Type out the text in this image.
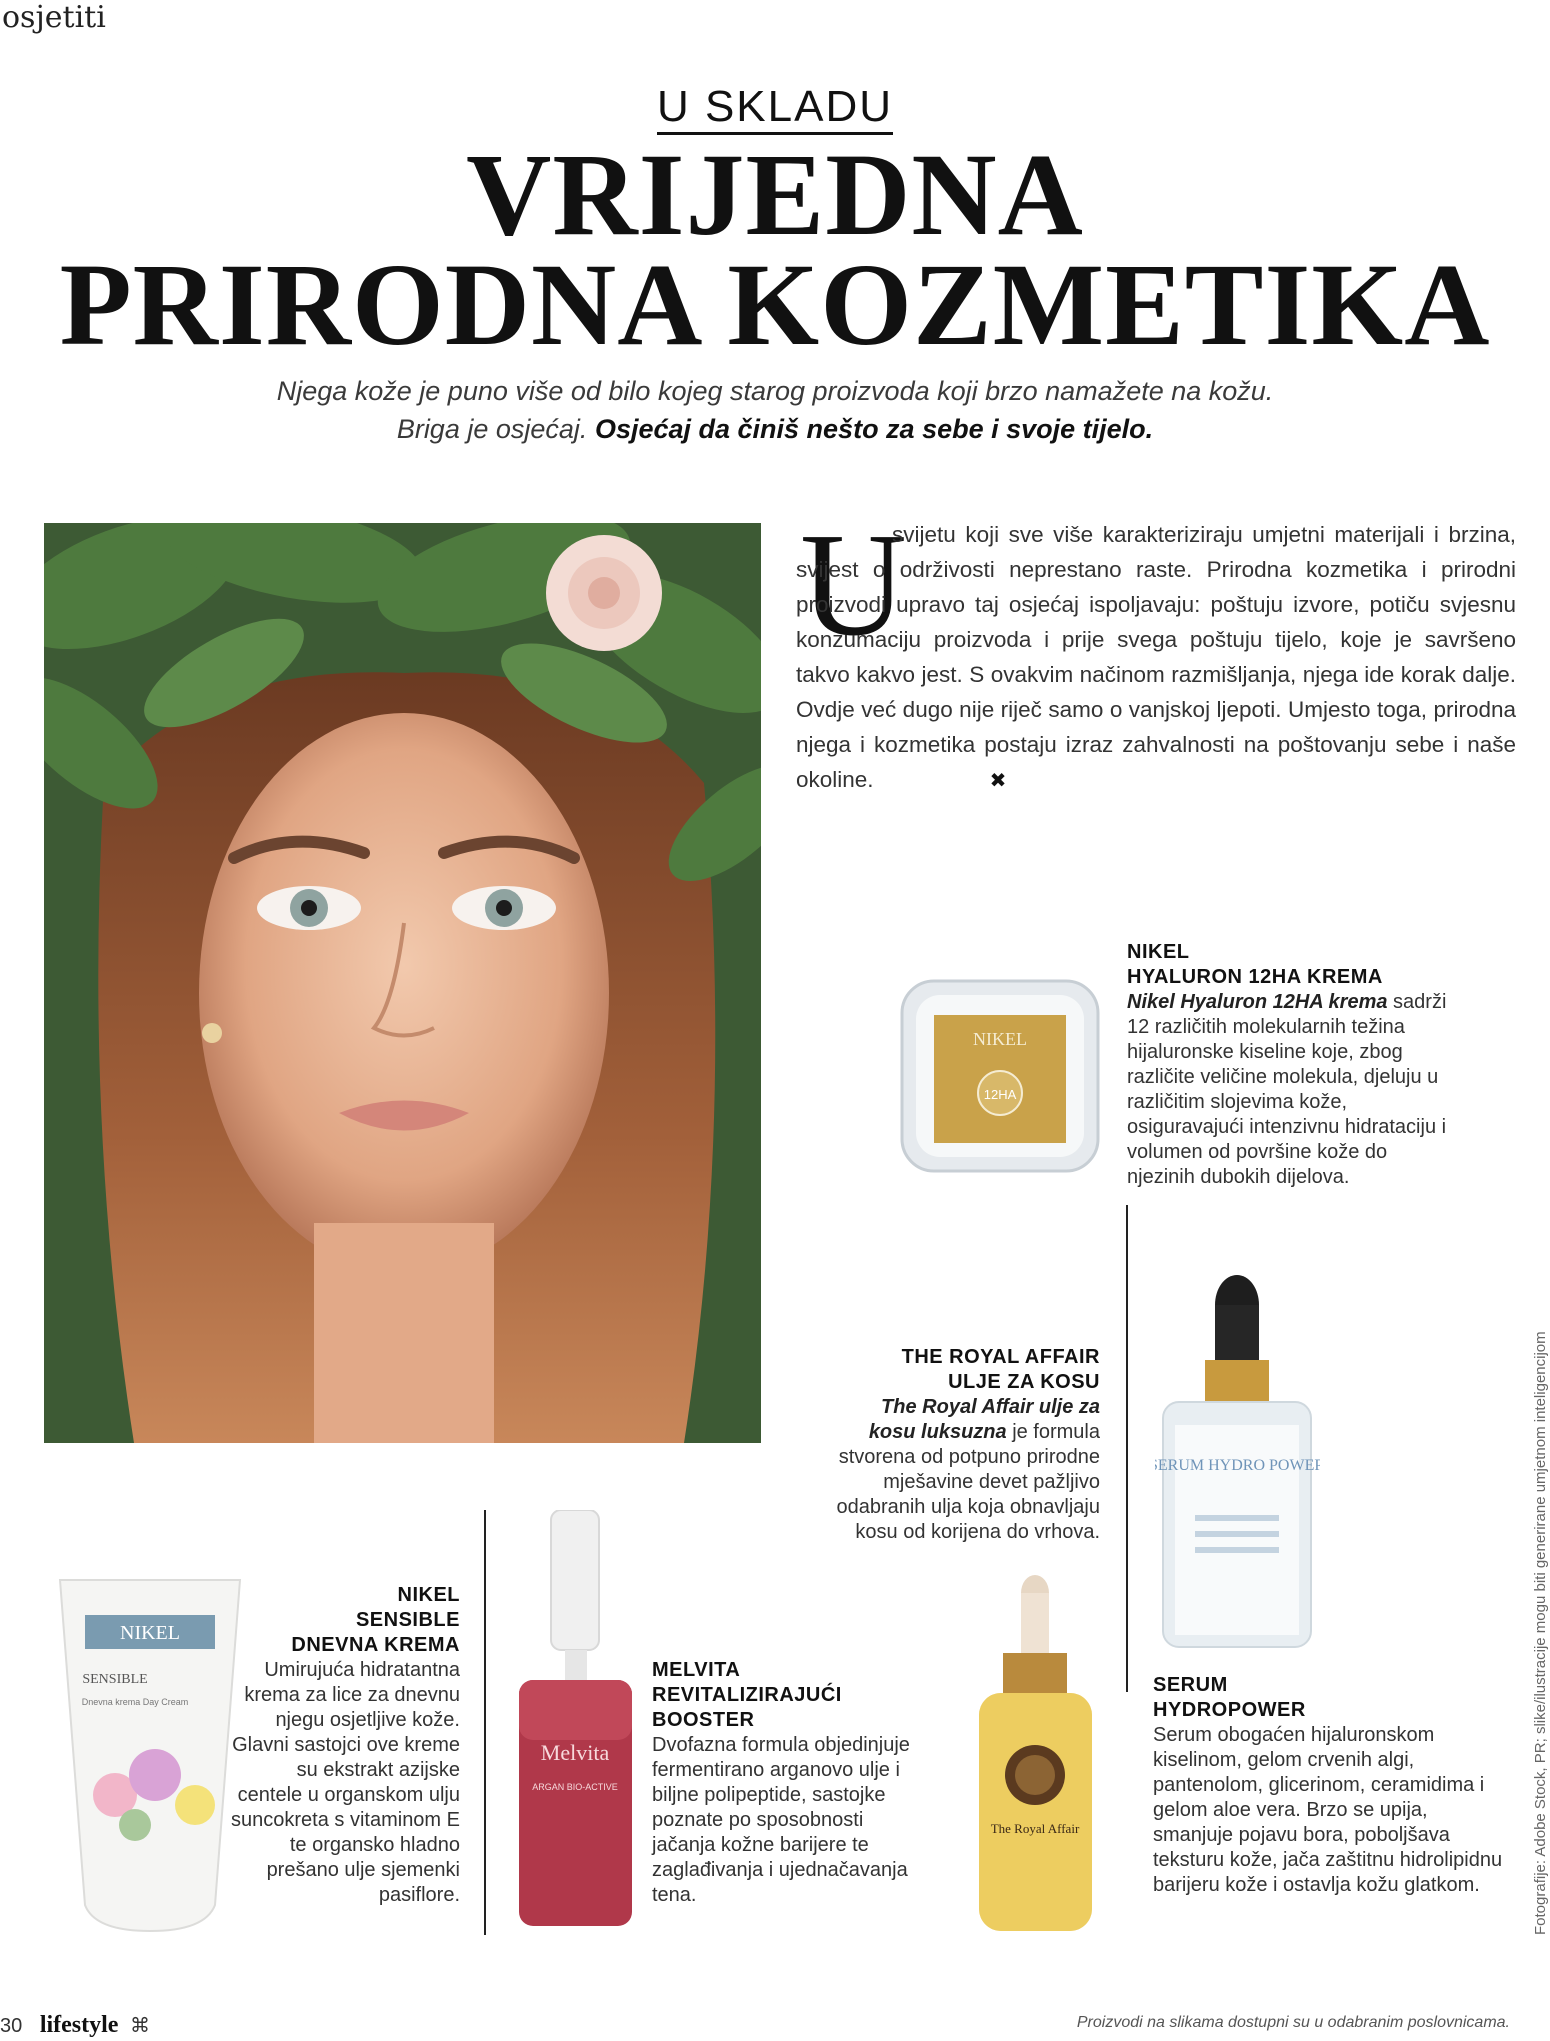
osjetiti
U SKLADU
VRIJEDNA
PRIRODNA KOZMETIKA
Njega kože je puno više od bilo kojeg starog proizvoda koji brzo namažete na kožu.
Briga je osjećaj. Osjećaj da činiš nešto za sebe i svoje tijelo.
U
svijetu koji sve više karakteriziraju umjetni materijali i brzina, svijest o održivosti neprestano raste. Prirodna kozmetika i prirodni proizvodi upravo taj osjećaj ispoljavaju: poštuju izvore, potiču svjesnu konzumaciju proizvoda i prije svega poštuju tijelo, koje je savršeno takvo kakvo jest. S ovakvim načinom razmišljanja, njega ide korak dalje. Ovdje već dugo nije riječ samo o vanjskoj ljepoti. Umjesto toga, prirodna njega i kozmetika postaju izraz zahvalnosti na poštovanju sebe i naše okoline.	✖
NIKEL
12HA
NIKEL
HYALURON 12HA KREMA
Nikel Hyaluron 12HA krema sadrži 12 različitih molekularnih težina hijaluronske kiseline koje, zbog različite veličine molekula, djeluju u različitim slojevima kože, osiguravajući intenzivnu hidrataciju i volumen od površine kože do njezinih dubokih dijelova.
THE ROYAL AFFAIR
ULJE ZA KOSU
The Royal Affair ulje za kosu luksuzna je formula stvorena od potpuno prirodne mješavine devet pažljivo odabranih ulja koja obnavljaju kosu od korijena do vrhova.
The Royal Affair
SERUM HYDRO POWER
SERUM
HYDROPOWER
Serum obogaćen hijaluronskom kiselinom, gelom crvenih algi, pantenolom, glicerinom, ceramidima i gelom aloe vera. Brzo se upija, smanjuje pojavu bora, poboljšava teksturu kože, jača zaštitnu hidrolipidnu barijeru kože i ostavlja kožu glatkom.
NIKEL
SENSIBLE
Dnevna krema Day Cream
NIKEL
SENSIBLE
DNEVNA KREMA
Umirujuća hidratantna krema za lice za dnevnu njegu osjetljive kože. Glavni sastojci ove kreme su ekstrakt azijske centele u organskom ulju suncokreta s vitaminom E te organsko hladno prešano ulje sjemenki pasiflore.
Melvita
ARGAN BIO-ACTIVE
MELVITA
REVITALIZIRAJUĆI
BOOSTER
Dvofazna formula objedinjuje fermentirano arganovo ulje i biljne polipeptide, sastojke poznate po sposobnosti jačanja kožne barijere te zaglađivanja i ujednačavanja tena.	Fotografije: Adobe Stock, PR; slike/ilustracije mogu biti generirane umjetnom inteligencijom
30 lifestyle ⌘	Proizvodi na slikama dostupni su u odabranim poslovnicama.
